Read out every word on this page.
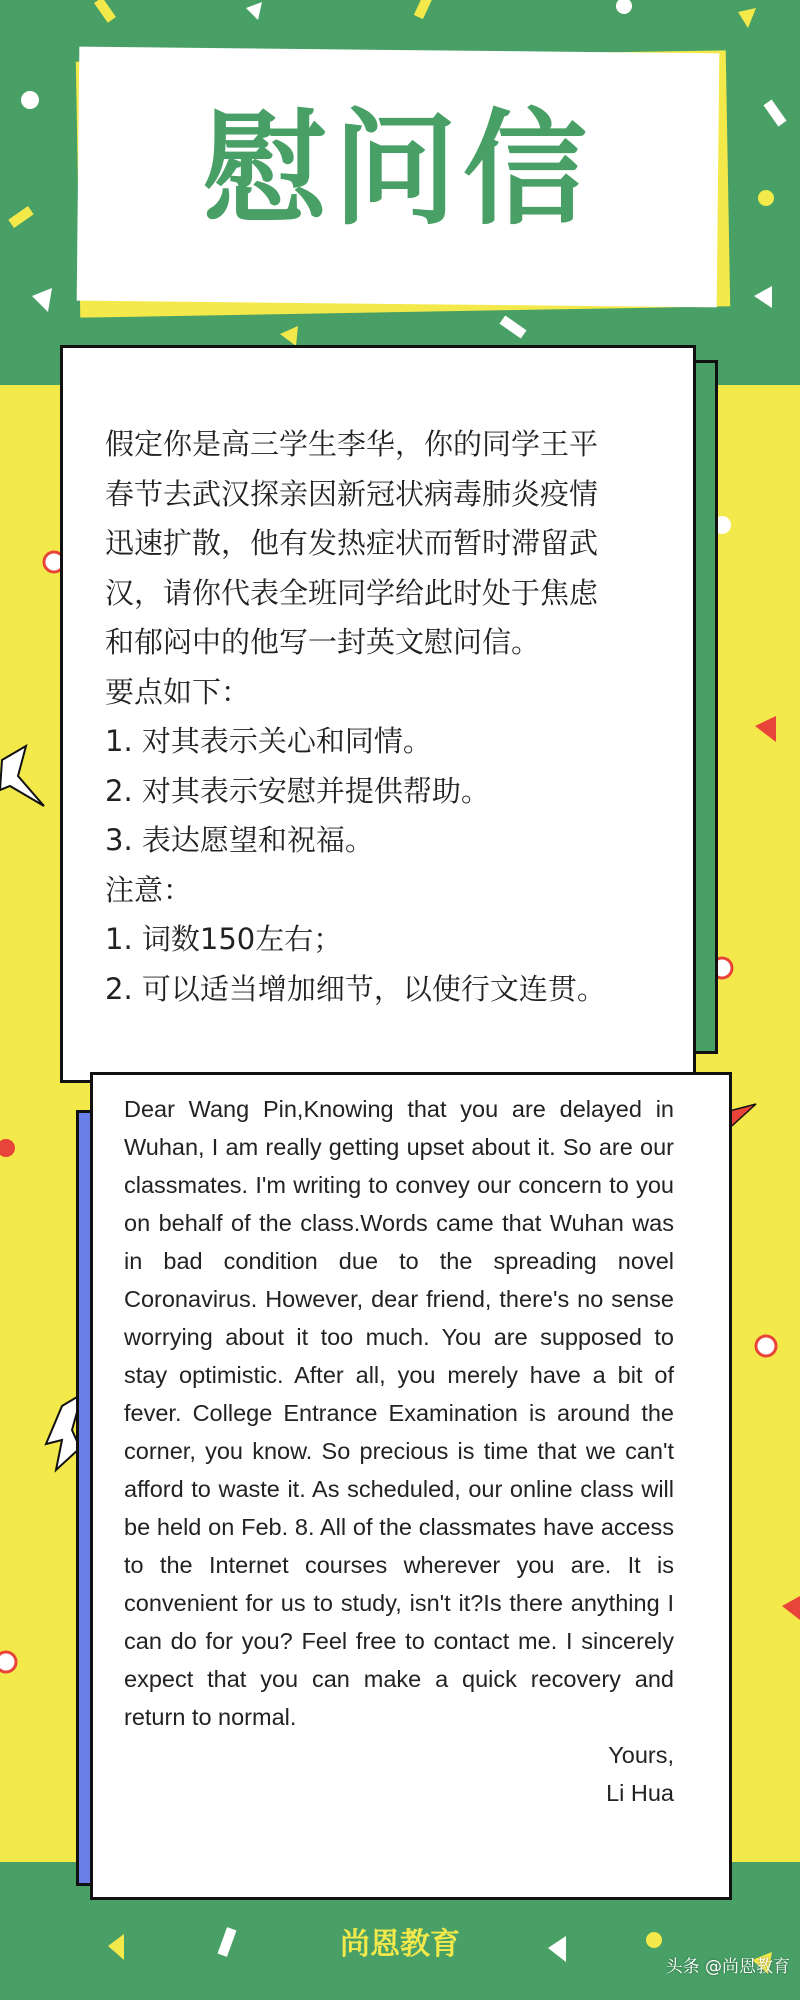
慰问信
假定你是高三学生李华，你的同学王平
春节去武汉探亲因新冠状病毒肺炎疫情
迅速扩散，他有发热症状而暂时滞留武
汉，请你代表全班同学给此时处于焦虑
和郁闷中的他写一封英文慰问信。
要点如下：
1. 对其表示关心和同情。
2. 对其表示安慰并提供帮助。
3. 表达愿望和祝福。
注意：
1. 词数150左右；
2. 可以适当增加细节，以使行文连贯。
Dear Wang Pin,Knowing that you are delayed in Wuhan, I am really getting upset about it. So are our classmates. I'm writing to convey our concern to you on behalf of the class.Words came that Wuhan was in bad condition due to the spreading novel Coronavirus. However, dear friend, there's no sense worrying about it too much. You are supposed to stay optimistic. After all, you merely have a bit of fever. College Entrance Examination is around the corner, you know. So precious is time that we can't afford to waste it. As scheduled, our online class will be held on Feb. 8. All of the classmates have access to the Internet courses wherever you are. It is convenient for us to study, isn't it?Is there anything I can do for you? Feel free to contact me. I sincerely expect that you can make a quick recovery and return to normal.
Yours,
Li Hua
尚恩教育
头条 @尚恩教育
